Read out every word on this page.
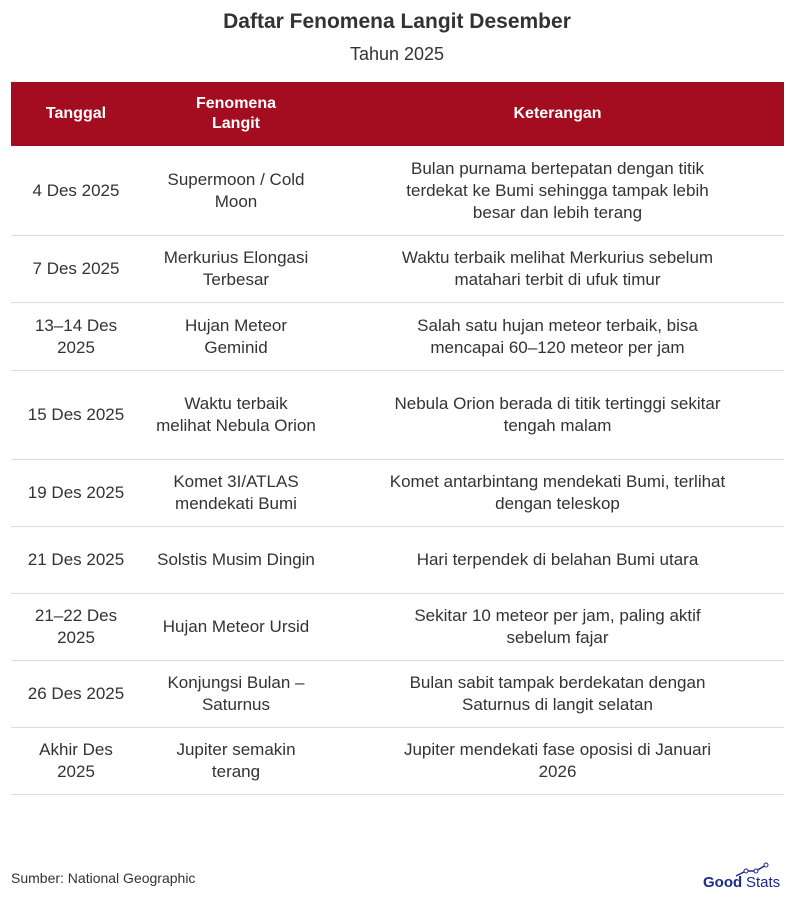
Daftar Fenomena Langit Desember
Tahun 2025
Tanggal	Fenomena Langit	Keterangan

4 Des 2025	Supermoon / Cold Moon	Bulan purnama bertepatan dengan titik terdekat ke Bumi sehingga tampak lebih besar dan lebih terang

7 Des 2025	Merkurius Elongasi Terbesar	Waktu terbaik melihat Merkurius sebelum matahari terbit di ufuk timur

13–14 Des 2025	Hujan Meteor Geminid	Salah satu hujan meteor terbaik, bisa mencapai 60–120 meteor per jam

15 Des 2025	Waktu terbaik melihat Nebula Orion	Nebula Orion berada di titik tertinggi sekitar tengah malam

19 Des 2025	Komet 3I/ATLAS mendekati Bumi	Komet antarbintang mendekati Bumi, terlihat dengan teleskop

21 Des 2025	Solstis Musim Dingin	Hari terpendek di belahan Bumi utara

21–22 Des 2025	Hujan Meteor Ursid	Sekitar 10 meteor per jam, paling aktif sebelum fajar

26 Des 2025	Konjungsi Bulan – Saturnus	Bulan sabit tampak berdekatan dengan Saturnus di langit selatan

Akhir Des 2025	Jupiter semakin terang	Jupiter mendekati fase oposisi di Januari 2026
Sumber: National Geographic	Good Stats
